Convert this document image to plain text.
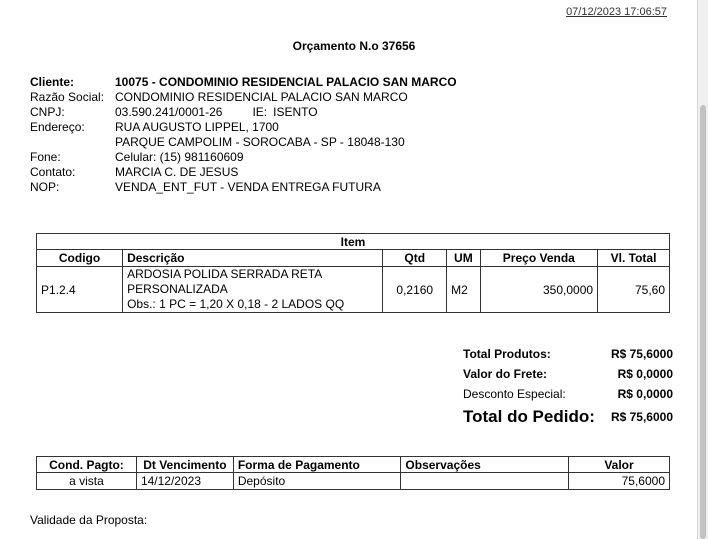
07/12/2023 17:06:57
Orçamento N.o 37656
Cliente:	10075 - CONDOMINIO RESIDENCIAL PALACIO SAN MARCO
Razão Social: CONDOMINIO RESIDENCIAL PALACIO SAN MARCO
CNPJ:	03.590.241/0001-26	IE: ISENTO
Endereço:	RUA AUGUSTO LIPPEL, 1700
PARQUE CAMPOLIM - SOROCABA - SP - 18048-130
Fone:	Celular: (15) 981160609
Contato:	MARCIA C. DE JESUS
NOP:	VENDA_ENT_FUT - VENDA ENTREGA FUTURA
Item					
Codigo	Descrição	Qtd	UM	Preço Venda	Vl. Total
P1.2.4	ARDOSIA POLIDA SERRADA RETA
PERSONALIZADA
Obs.: 1 PC = 1,20 X 0,18 - 2 LADOS QQ	0,2160	M2	350,0000	75,60
Total Produtos:	R$ 75,6000
Valor do Frete:	R$ 0,0000
Desconto Especial:	R$ 0,0000
Total do Pedido: R$ 75,6000
Cond. Pagto:	Dt Vencimento	Forma de Pagamento	Observações	Valor
a vista	14/12/2023	Depósito		75,6000
Validade da Proposta:
